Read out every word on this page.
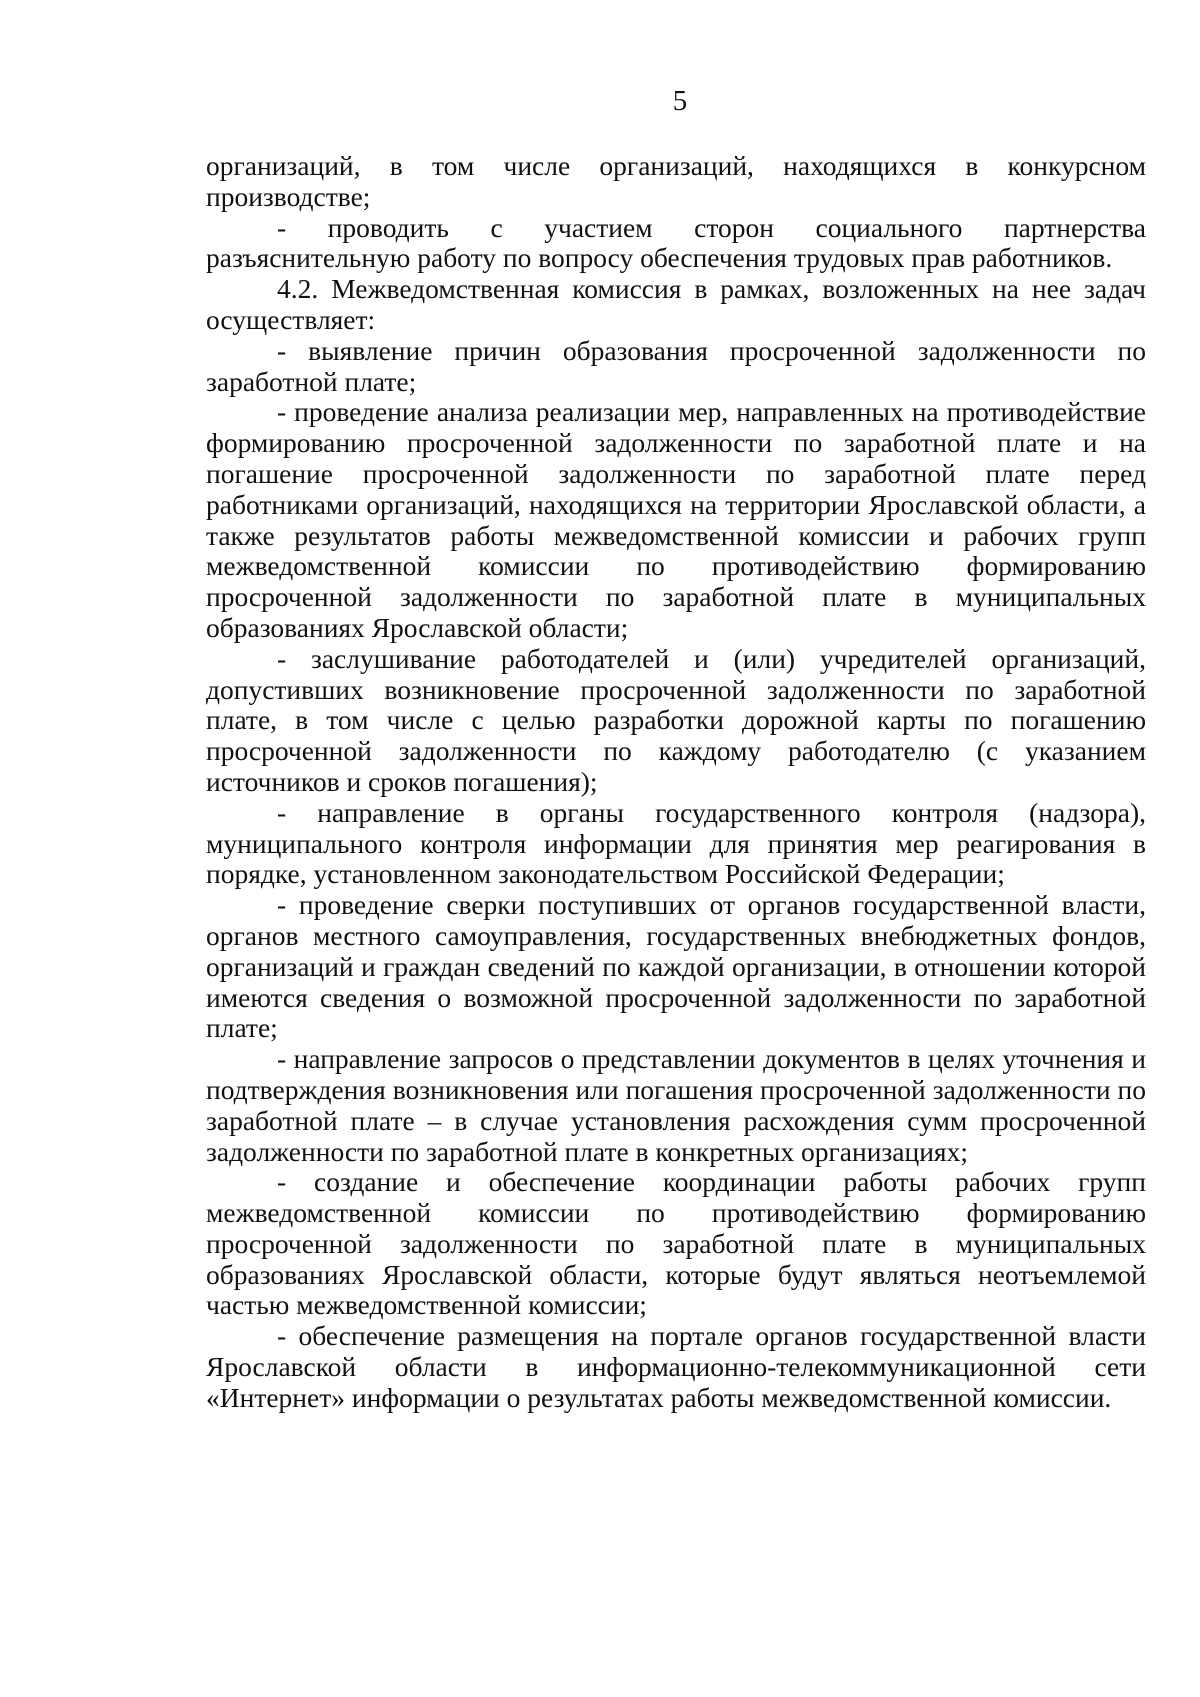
5

организаций, в том числе организаций, находящихся в конкурсном производстве;

- проводить с участием сторон социального партнерства разъяснительную работу по вопросу обеспечения трудовых прав работников.

4.2. Межведомственная комиссия в рамках, возложенных на нее задач осуществляет:

- выявление причин образования просроченной задолженности по заработной плате;

- проведение анализа реализации мер, направленных на противодействие формированию просроченной задолженности по заработной плате и на погашение просроченной задолженности по заработной плате перед работниками организаций, находящихся на территории Ярославской области, а также результатов работы межведомственной комиссии и рабочих групп межведомственной комиссии по противодействию формированию просроченной задолженности по заработной плате в муниципальных образованиях Ярославской области;

- заслушивание работодателей и (или) учредителей организаций, допустивших возникновение просроченной задолженности по заработной плате, в том числе с целью разработки дорожной карты по погашению просроченной задолженности по каждому работодателю (с указанием источников и сроков погашения);

- направление в органы государственного контроля (надзора), муниципального контроля информации для принятия мер реагирования в порядке, установленном законодательством Российской Федерации;

- проведение сверки поступивших от органов государственной власти, органов местного самоуправления, государственных внебюджетных фондов, организаций и граждан сведений по каждой организации, в отношении которой имеются сведения о возможной просроченной задолженности по заработной плате;

- направление запросов о представлении документов в целях уточнения и подтверждения возникновения или погашения просроченной задолженности по заработной плате – в случае установления расхождения сумм просроченной задолженности по заработной плате в конкретных организациях;

- создание и обеспечение координации работы рабочих групп межведомственной комиссии по противодействию формированию просроченной задолженности по заработной плате в муниципальных образованиях Ярославской области, которые будут являться неотъемлемой частью межведомственной комиссии;

- обеспечение размещения на портале органов государственной власти Ярославской области в информационно-телекоммуникационной сети «Интернет» информации о результатах работы межведомственной комиссии.
